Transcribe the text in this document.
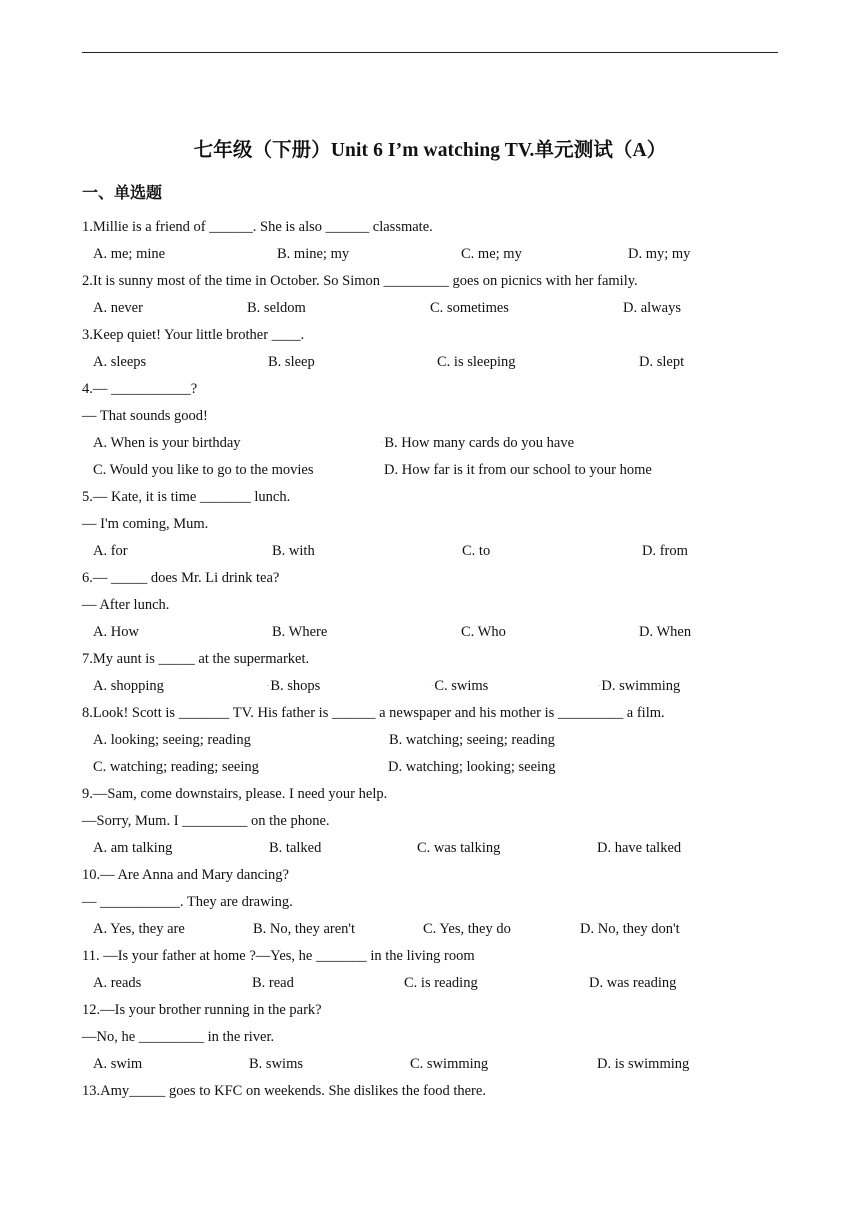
七年级（下册）Unit 6 I’m watching TV.单元测试（A）
一、单选题
1.Millie is a friend of ______. She is also ______ classmate.
A. me; mine	B. mine; my	C. me; my	D. my; my
2.It is sunny most of the time in October. So Simon _________ goes on picnics with her family.
A. never	B. seldom	C. sometimes	D. always
3.Keep quiet! Your little brother ____.
A. sleeps	B. sleep	C. is sleeping	D. slept
4.— ___________?
— That sounds good!
A. When is your birthday	·B. How many cards do you have
C. Would you like to go to the movies	D. How far is it from our school to your home
5.— Kate, it is time _______ lunch.
— I'm coming, Mum.
A. for	B. with	C. to	D. from
6.— _____ does Mr. Li drink tea?
— After lunch.
A. How	B. Where	C. Who	D. When
7.My aunt is _____ at the supermarket.
A. shopping	·B. shops	·C. swims	·D. swimming
8.Look! Scott is _______ TV. His father is ______ a newspaper and his mother is _________ a film.
A. looking; seeing; reading	B. watching; seeing; reading
C. watching; reading; seeing	D. watching; looking; seeing
9.—Sam, come downstairs, please. I need your help.
—Sorry, Mum. I _________ on the phone.
A. am talking	B. talked	C. was talking	D. have talked
10.— Are Anna and Mary dancing?
— ___________. They are drawing.
A. Yes, they are	B. No, they aren't	C. Yes, they do	D. No, they don't
11. —Is your father at home ?—Yes, he _______ in the living room
A. reads	B. read	C. is reading	D. was reading
12.—Is your brother running in the park?
—No, he _________ in the river.
A. swim	B. swims	C. swimming	D. is swimming
13.Amy_____ goes to KFC on weekends. She dislikes the food there.
